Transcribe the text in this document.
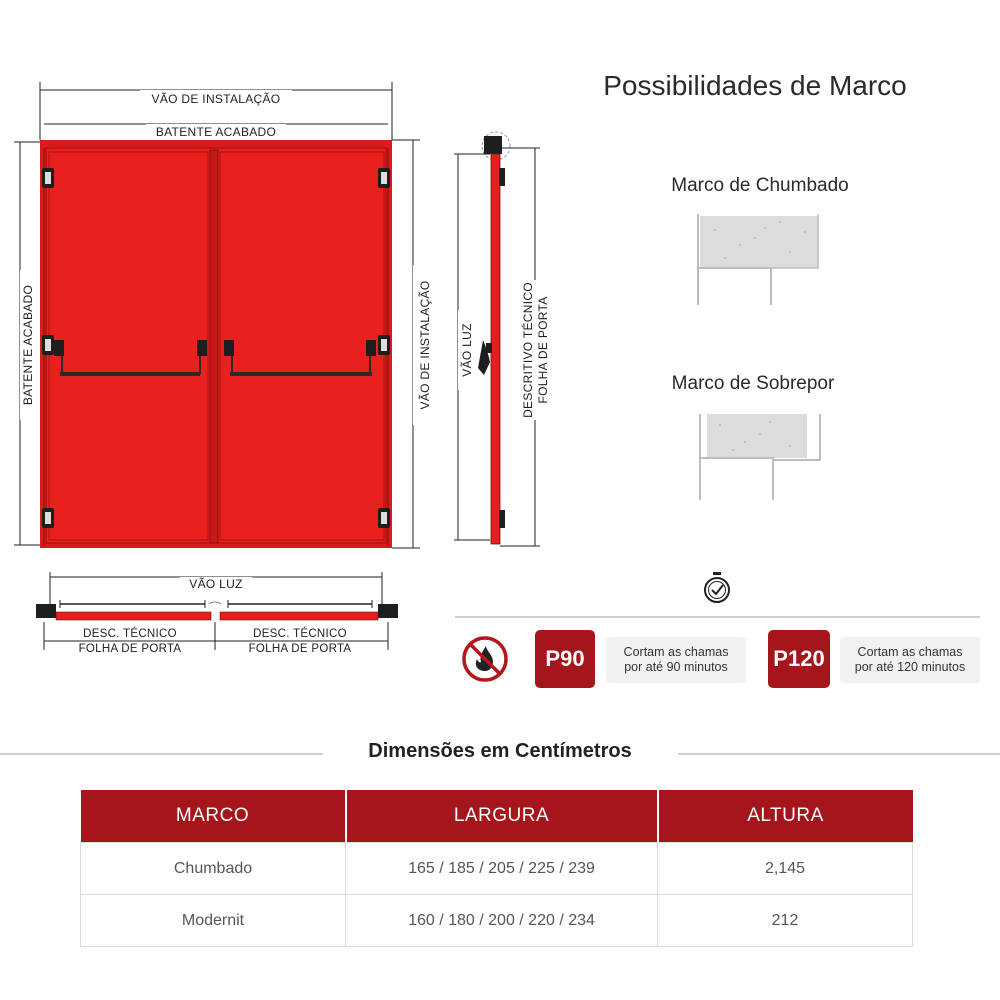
VÃO DE INSTALAÇÃO
BATENTE ACABADO
BATENTE ACABADO	VÃO DE INSTALAÇÃO VÃO LUZ	DESCRITIVO TÉCNICO FOLHA DE PORTA
VÃO LUZ
DESC. TÉCNICO
FOLHA DE PORTA
DESC. TÉCNICO
FOLHA DE PORTA
Possibilidades de Marco
Marco de Chumbado
Marco de Sobrepor
P90	Cortam as chamas
por até 90 minutos P120	Cortam as chamas
por até 120 minutos
Dimensões em Centímetros
MARCO	LARGURA	ALTURA
Chumbado	165 / 185 / 205 / 225 / 239	2,145
Modernit	160 / 180 / 200 / 220 / 234	212
